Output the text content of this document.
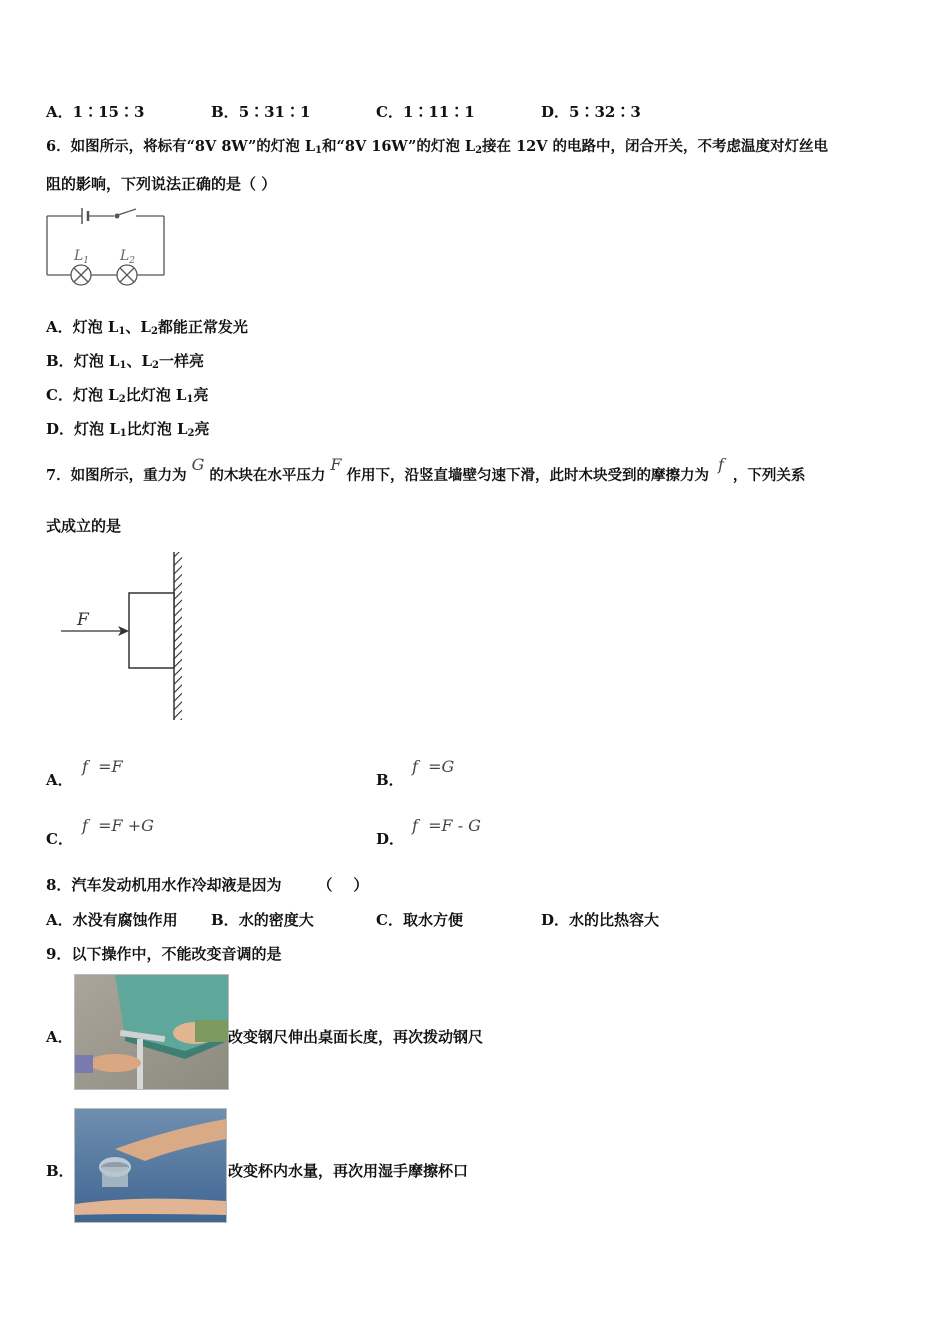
A．1∶15∶3	B．5∶31∶1	C．1∶11∶1	D．5∶32∶3
6．如图所示，将标有“8V 8W”的灯泡 $L_1$和“8V 16W”的灯泡 $L_2$接在 12V 的电路中，闭合开关，不考虑温度对灯丝电
阻的影响，下列说法正确的是（ ）
$L_1$ $L_2$
A．灯泡 $L_1$、$L_2$都能正常发光
B．灯泡 $L_1$、$L_2$一样亮
C．灯泡 $L_2$比灯泡 $L_1$亮
D．灯泡 $L_1$比灯泡 $L_2$亮
7．如图所示，重力为G的木块在水平压力F作用下，沿竖直墙壁匀速下滑，此时木块受到的摩擦力为f，下列关系
式成立的是
F
A．
f  =F
B．
f  =G
C．
f  =F +G
D．
f  =F - G
8．汽车发动机用水作冷却液是因为 （    ）
A．水没有腐蚀作用 B．水的密度大	C．取水方便	D．水的比热容大
9．以下操作中，不能改变音调的是
A．	改变钢尺伸出桌面长度，再次拨动钢尺
B．	改变杯内水量，再次用湿手摩擦杯口
